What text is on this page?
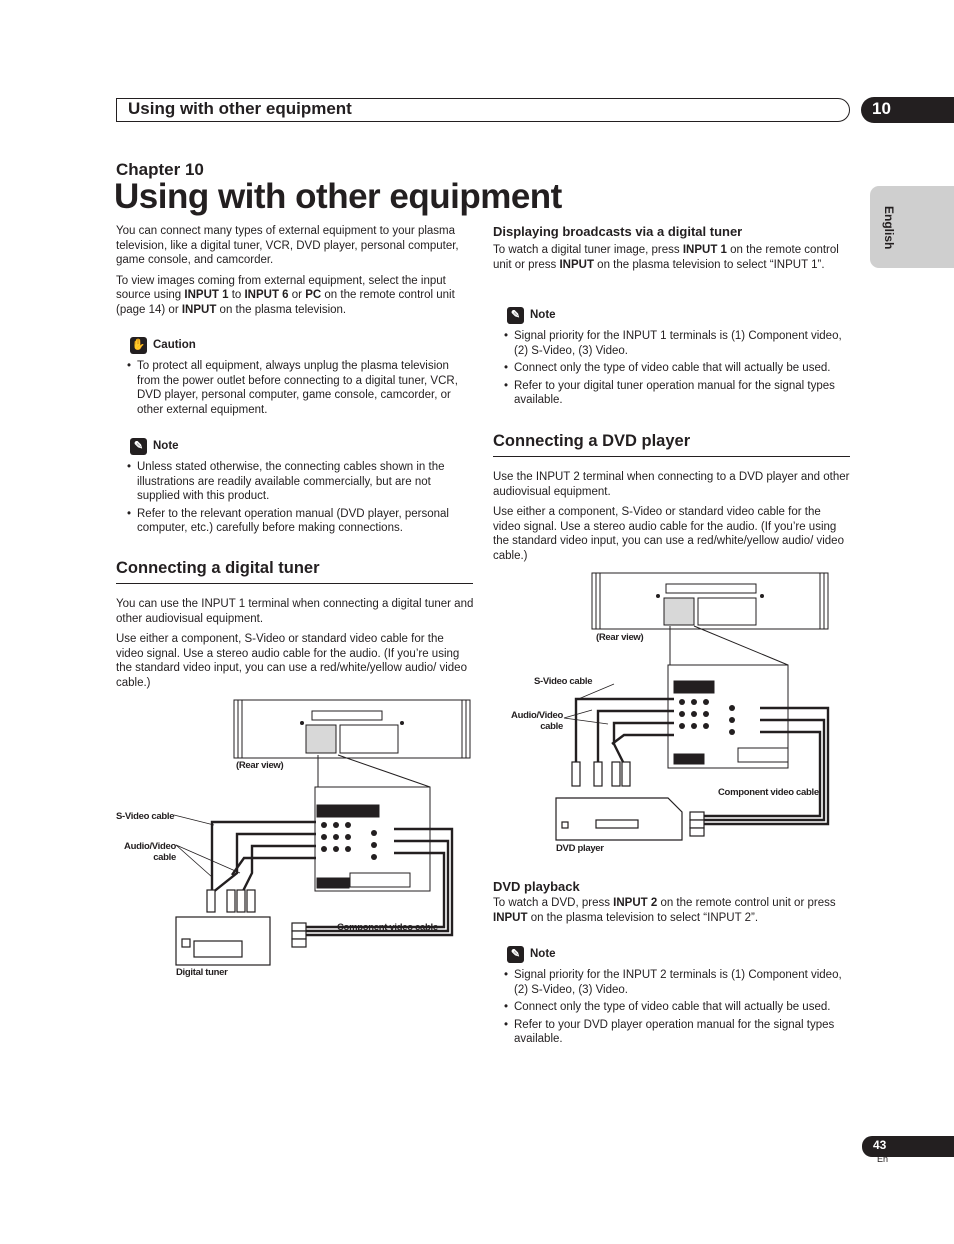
Using with other equipment	10
English
Chapter 10
Using with other equipment

You can connect many types of external equipment to your plasma television, like a digital tuner, VCR, DVD player, personal computer, game console, and camcorder.

To view images coming from external equipment, select the input source using INPUT 1 to INPUT 6 or PC on the remote control unit (page 14) or INPUT on the plasma television.

✋ Caution
• To protect all equipment, always unplug the plasma television from the power outlet before connecting to a digital tuner, VCR, DVD player, personal computer, game console, camcorder, or other external equipment.
✎ Note
• Unless stated otherwise, the connecting cables shown in the illustrations are readily available commercially, but are not supplied with this product.
• Refer to the relevant operation manual (DVD player, personal computer, etc.) carefully before making connections.
Connecting a digital tuner

You can use the INPUT 1 terminal when connecting a digital tuner and other audiovisual equipment.

Use either a component, S-Video or standard video cable for the video signal. Use a stereo audio cable for the audio. (If you’re using the standard video input, you can use a red/white/yellow audio/ video cable.)

(Rear view)
S-Video cable
Audio/Video
cable
Component video cable
Digital tuner
Displaying broadcasts via a digital tuner

To watch a digital tuner image, press INPUT 1 on the remote control unit or press INPUT on the plasma television to select “INPUT 1”.

✎ Note
• Signal priority for the INPUT 1 terminals is (1) Component video, (2) S-Video, (3) Video.
• Connect only the type of video cable that will actually be used.
• Refer to your digital tuner operation manual for the signal types available.
Connecting a DVD player

Use the INPUT 2 terminal when connecting to a DVD player and other audiovisual equipment.

Use either a component, S-Video or standard video cable for the video signal. Use a stereo audio cable for the audio. (If you’re using the standard video input, you can use a red/white/yellow audio/ video cable.)

(Rear view)
S-Video cable
Audio/Video
cable
Component video cable
DVD player
DVD playback

To watch a DVD, press INPUT 2 on the remote control unit or press INPUT on the plasma television to select “INPUT 2”.

✎ Note
• Signal priority for the INPUT 2 terminals is (1) Component video, (2) S-Video, (3) Video.
• Connect only the type of video cable that will actually be used.
• Refer to your DVD player operation manual for the signal types available.
43
En
